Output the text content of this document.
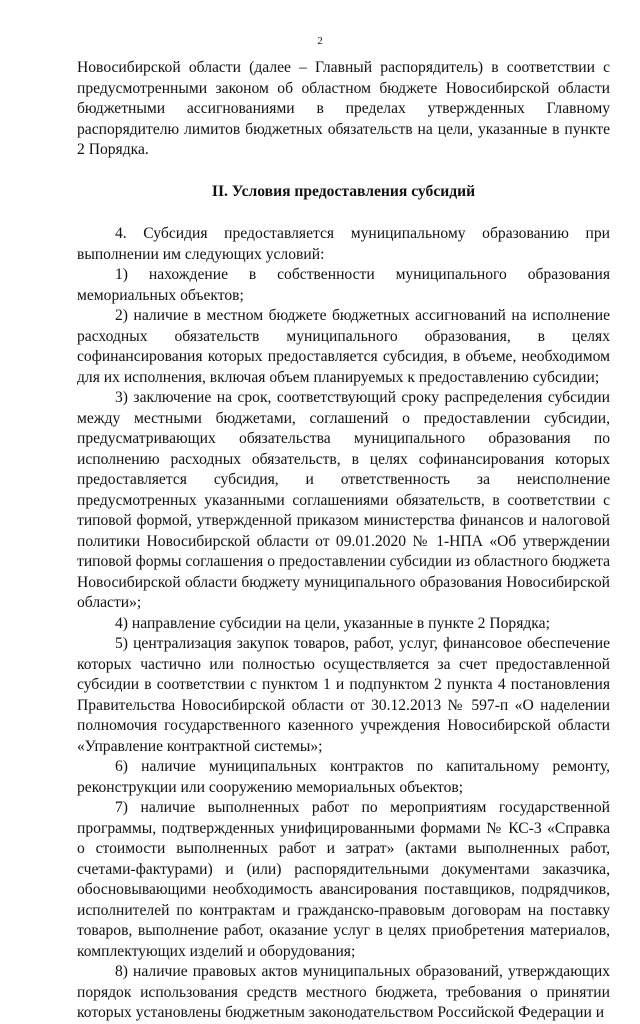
2

Новосибирской области (далее – Главный распорядитель) в соответствии с предусмотренными законом об областном бюджете Новосибирской области бюджетными ассигнованиями в пределах утвержденных Главному распорядителю лимитов бюджетных обязательств на цели, указанные в пункте 2 Порядка.

II. Условия предоставления субсидий

4. Субсидия предоставляется муниципальному образованию при выполнении им следующих условий:

1) нахождение в собственности муниципального образования мемориальных объектов;

2) наличие в местном бюджете бюджетных ассигнований на исполнение расходных обязательств муниципального образования, в целях софинансирования которых предоставляется субсидия, в объеме, необходимом для их исполнения, включая объем планируемых к предоставлению субсидии;

3) заключение на срок, соответствующий сроку распределения субсидии между местными бюджетами, соглашений о предоставлении субсидии, предусматривающих обязательства муниципального образования по исполнению расходных обязательств, в целях софинансирования которых предоставляется субсидия, и ответственность за неисполнение предусмотренных указанными соглашениями обязательств, в соответствии с типовой формой, утвержденной приказом министерства финансов и налоговой политики Новосибирской области от 09.01.2020 № 1-НПА «Об утверждении типовой формы соглашения о предоставлении субсидии из областного бюджета Новосибирской области бюджету муниципального образования Новосибирской области»;

4) направление субсидии на цели, указанные в пункте 2 Порядка;

5) централизация закупок товаров, работ, услуг, финансовое обеспечение которых частично или полностью осуществляется за счет предоставленной субсидии в соответствии с пунктом 1 и подпунктом 2 пункта 4 постановления Правительства Новосибирской области от 30.12.2013 № 597-п «О наделении полномочия государственного казенного учреждения Новосибирской области «Управление контрактной системы»;

6) наличие муниципальных контрактов по капитальному ремонту, реконструкции или сооружению мемориальных объектов;

7) наличие выполненных работ по мероприятиям государственной программы, подтвержденных унифицированными формами № КС-3 «Справка о стоимости выполненных работ и затрат» (актами выполненных работ, счетами-фактурами) и (или) распорядительными документами заказчика, обосновывающими необходимость авансирования поставщиков, подрядчиков, исполнителей по контрактам и гражданско-правовым договорам на поставку товаров, выполнение работ, оказание услуг в целях приобретения материалов, комплектующих изделий и оборудования;

8) наличие правовых актов муниципальных образований, утверждающих порядок использования средств местного бюджета, требования о принятии которых установлены бюджетным законодательством Российской Федерации и
